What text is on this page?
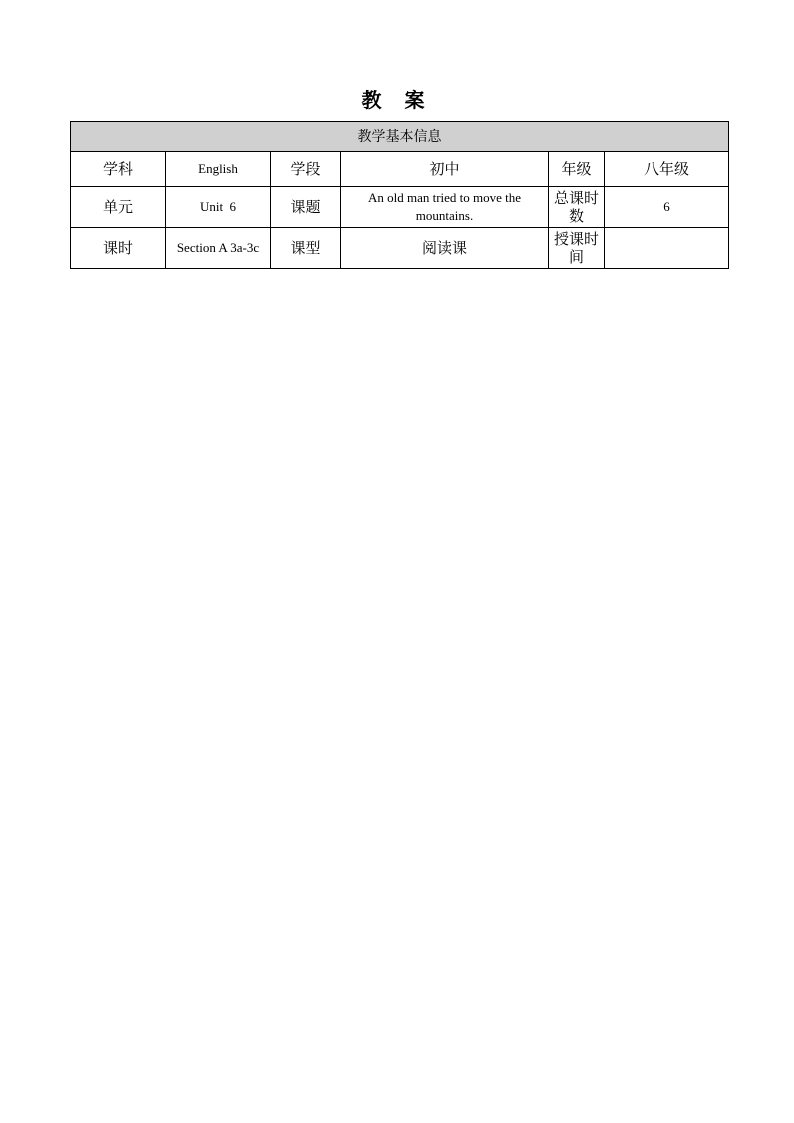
教 案
教学基本信息					
学科	English	学段	初中	年级	八年级
单元	Unit  6	课题	An old man tried to move the mountains.	总课时数	6
课时	Section A 3a-3c	课型	阅读课	授课时间	
